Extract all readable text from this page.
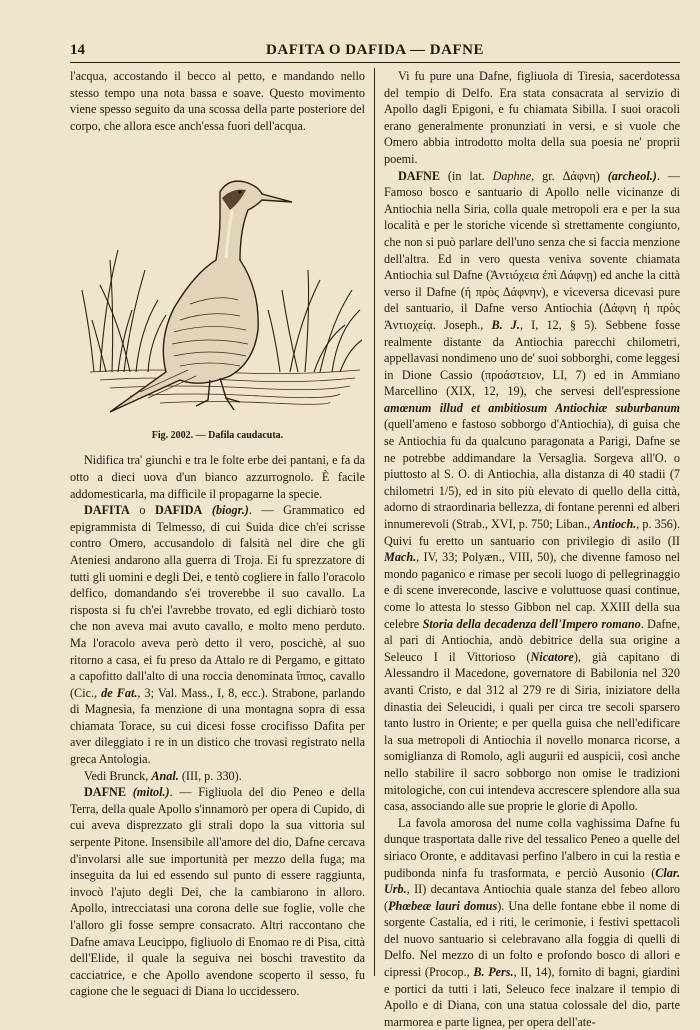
14	DAFITA O DAFIDA — DAFNE

l'acqua, accostando il becco al petto, e mandando nello stesso tempo una nota bassa e soave. Questo movimento viene spesso seguito da una scossa della parte posteriore del corpo, che allora esce anch'essa fuori dell'acqua.

Fig. 2002. — Dafila caudacuta.

Nidifica tra' giunchi e tra le folte erbe dei pantani, e fa da otto a dieci uova d'un bianco azzurrognolo. È facile addomesticarla, ma difficile il propagarne la specie.

DAFITA o DAFIDA (biogr.). — Grammatico ed epigrammista di Telmesso, di cui Suida dice ch'ei scrisse contro Omero, accusandolo di falsità nel dire che gli Ateniesi andarono alla guerra di Troja. Ei fu sprezzatore di tutti gli uomini e degli Dei, e tentò cogliere in fallo l'oracolo delfico, domandando s'ei troverebbe il suo cavallo. La risposta si fu ch'ei l'avrebbe trovato, ed egli dichiarò tosto che non aveva mai avuto cavallo, e molto meno perduto. Ma l'oracolo aveva però detto il vero, poscichè, al suo ritorno a casa, ei fu preso da Attalo re di Pergamo, e gittato a capofitto dall'alto di una roccia denominata ἵππος, cavallo (Cic., de Fat., 3; Val. Mass., I, 8, ecc.). Strabone, parlando di Magnesia, fa menzione di una montagna sopra di essa chiamata Torace, su cui dicesi fosse crocifisso Dafita per aver dileggiato i re in un distico che trovasi registrato nella greca Antologia.

Vedi Brunck, Anal. (III, p. 330).

DAFNE (mitol.). — Figliuola del dio Peneo e della Terra, della quale Apollo s'innamorò per opera di Cupido, di cui aveva disprezzato gli strali dopo la sua vittoria sul serpente Pitone. Insensibile all'amore del dio, Dafne cercava d'involarsi alle sue importunità per mezzo della fuga; ma inseguita da lui ed essendo sul punto di essere raggiunta, invocò l'ajuto degli Dei, che la cambiarono in alloro. Apollo, intrecciatasi una corona delle sue foglie, volle che l'alloro gli fosse sempre consacrato. Altri raccontano che Dafne amava Leucippo, figliuolo di Enomao re di Pisa, città dell'Elide, il quale la seguiva nei boschi travestito da cacciatrice, e che Apollo avendone scoperto il sesso, fu cagione che le seguaci di Diana lo uccidessero.

Vi fu pure una Dafne, figliuola di Tiresia, sacerdotessa del tempio di Delfo. Era stata consacrata al servizio di Apollo dagli Epigoni, e fu chiamata Sibilla. I suoi oracoli erano generalmente pronunziati in versi, e si vuole che Omero abbia introdotto molta della sua poesia ne' proprii poemi.

DAFNE (in lat. Daphne, gr. Δάφνη) (archeol.). — Famoso bosco e santuario di Apollo nelle vicinanze di Antiochia nella Siria, colla quale metropoli era e per la sua località e per le storiche vicende sì strettamente congiunto, che non si può parlare dell'uno senza che si faccia menzione dell'altra. Ed in vero questa veniva sovente chiamata Antiochia sul Dafne (Ἀντιόχεια ἐπὶ Δάφνῃ) ed anche la città verso il Dafne (ἡ πρὸς Δάφνην), e viceversa dicevasi pure del santuario, il Dafne verso Antiochia (Δάφνη ἡ πρὸς Ἀντιοχείᾳ. Joseph., B. J., I, 12, § 5). Sebbene fosse realmente distante da Antiochia parecchi chilometri, appellavasi nondimeno uno de' suoi sobborghi, come leggesi in Dione Cassio (προάστειον, LI, 7) ed in Ammiano Marcellino (XIX, 12, 19), che servesi dell'espressione amœnum illud et ambitiosum Antiochiæ suburbanum (quell'ameno e fastoso sobborgo d'Antiochia), di guisa che se Antiochia fu da qualcuno paragonata a Parigi, Dafne se ne potrebbe addimandare la Versaglia. Sorgeva all'O. o piuttosto al S. O. di Antiochia, alla distanza di 40 stadii (7 chilometri 1/5), ed in sito più elevato di quello della città, adorno di straordinaria bellezza, di fontane perenni ed alberi innumerevoli (Strab., XVI, p. 750; Liban., Antioch., p. 356). Quivi fu eretto un santuario con privilegio di asilo (II Mach., IV, 33; Polyæn., VIII, 50), che divenne famoso nel mondo paganico e rimase per secoli luogo di pellegrinaggio e di scene invereconde, lascive e voluttuose quasi continue, come lo attesta lo stesso Gibbon nel cap. XXIII della sua celebre Storia della decadenza dell'Impero romano. Dafne, al pari di Antiochia, andò debitrice della sua origine a Seleuco I il Vittorioso (Nicatore), già capitano di Alessandro il Macedone, governatore di Babilonia nel 320 avanti Cristo, e dal 312 al 279 re di Siria, iniziatore della dinastia dei Seleucidi, i quali per circa tre secoli sparsero tanto lustro in Oriente; e per quella guisa che nell'edificare la sua metropoli di Antiochia il novello monarca ricorse, a somiglianza di Romolo, agli augurii ed auspicii, così anche nello stabilire il sacro sobborgo non omise le tradizioni mitologiche, con cui intendeva accrescere splendore alla sua casa, associando alle sue proprie le glorie di Apollo.

La favola amorosa del nume colla vaghissima Dafne fu dunque trasportata dalle rive del tessalico Peneo a quelle del siriaco Oronte, e additavasi perfino l'albero in cui la restìa e pudibonda ninfa fu trasformata, e perciò Ausonio (Clar. Urb., II) decantava Antiochia quale stanza del febeo alloro (Phœbeæ lauri domus). Una delle fontane ebbe il nome di sorgente Castalia, ed i riti, le cerimonie, i festivi spettacoli del nuovo santuario si celebravano alla foggia di quelli di Delfo. Nel mezzo di un folto e profondo bosco di allori e cipressi (Procop., B. Pers., II, 14), fornito di bagni, giardini e portici da tutti i lati, Seleuco fece inalzare il tempio di Apollo e di Diana, con una statua colossale del dio, parte marmorea e parte lignea, per opera dell'ate-
